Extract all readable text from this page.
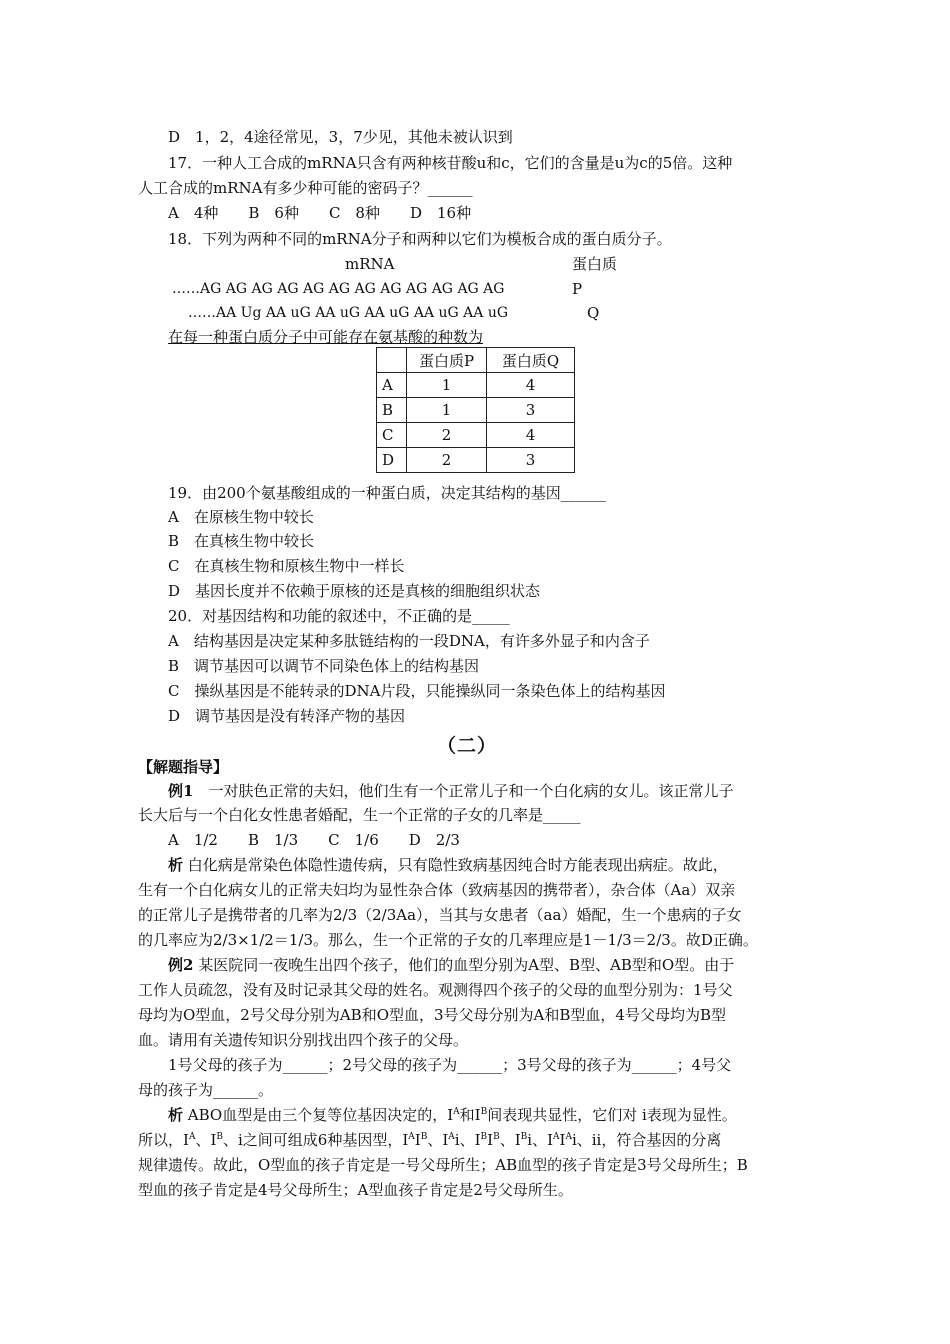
D　1，2，4途径常见，3，7少见，其他未被认识到
17．一种人工合成的mRNA只含有两种核苷酸u和c，它们的含量是u为c的5倍。这种
人工合成的mRNA有多少种可能的密码子？______
A　4种　　B　6种　　C　8种　　D　16种
18．下列为两种不同的mRNA分子和两种以它们为模板合成的蛋白质分子。
mRNA	蛋白质
……AG AG AG AG AG AG AG AG AG AG AG AG	P
……AA Ug AA uG AA uG AA uG AA uG AA uG	Q
在每一种蛋白质分子中可能存在氨基酸的种数为
	蛋白质P	蛋白质Q
A	1	4
B	1	3
C	2	4
D	2	3
19．由200个氨基酸组成的一种蛋白质，决定其结构的基因______
A　在原核生物中较长
B　在真核生物中较长
C　在真核生物和原核生物中一样长
D　基因长度并不依赖于原核的还是真核的细胞组织状态
20．对基因结构和功能的叙述中，不正确的是_____
A　结构基因是决定某种多肽链结构的一段DNA，有许多外显子和内含子
B　调节基因可以调节不同染色体上的结构基因
C　操纵基因是不能转录的DNA片段，只能操纵同一条染色体上的结构基因
D　调节基因是没有转泽产物的基因
（二）
【解题指导】
例1　一对肤色正常的夫妇，他们生有一个正常儿子和一个白化病的女儿。该正常儿子
长大后与一个白化女性患者婚配，生一个正常的子女的几率是_____
A　1/2　　B　1/3　　C　1/6　　D　2/3
析 白化病是常染色体隐性遗传病，只有隐性致病基因纯合时方能表现出病症。故此，
生有一个白化病女儿的正常夫妇均为显性杂合体（致病基因的携带者），杂合体（Aa）双亲
的正常儿子是携带者的几率为2/3（2/3Aa），当其与女患者（aa）婚配，生一个患病的子女
的几率应为2/3×1/2＝1/3。那么，生一个正常的子女的几率理应是1－1/3＝2/3。故D正确。
例2 某医院同一夜晚生出四个孩子，他们的血型分别为A型、B型、AB型和O型。由于
工作人员疏忽，没有及时记录其父母的姓名。观测得四个孩子的父母的血型分别为：1号父
母均为O型血，2号父母分别为AB和O型血，3号父母分别为A和B型血，4号父母均为B型
血。请用有关遗传知识分别找出四个孩子的父母。
1号父母的孩子为______；2号父母的孩子为______；3号父母的孩子为______；4号父
母的孩子为______。
析 ABO血型是由三个复等位基因决定的，$I^A$和$I^B$间表现共显性，它们对 i表现为显性。
所以，$I^A$、$I^B$、i之间可组成6种基因型，$I^AI^B$、$I^Ai$、$I^BI^B$、$I^Bi$、$I^AI^Ai$、ii，符合基因的分离
规律遗传。故此，O型血的孩子肯定是一号父母所生；AB血型的孩子肯定是3号父母所生；B
型血的孩子肯定是4号父母所生；A型血孩子肯定是2号父母所生。
